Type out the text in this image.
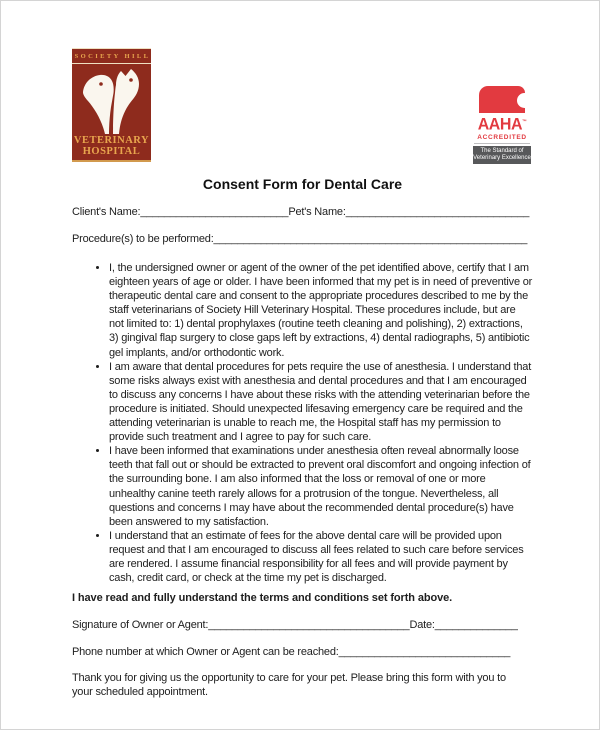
SOCIETY HILL
VETERINARY
HOSPITAL
AAHA™
ACCREDITED
The Standard of
Veterinary Excellence
Consent Form for Dental Care
Client's Name:_________________________Pet's Name:_______________________________
Procedure(s) to be performed:_____________________________________________________
• I, the undersigned owner or agent of the owner of the pet identified above, certify that I am eighteen years of age or older. I have been informed that my pet is in need of preventive or therapeutic dental care and consent to the appropriate procedures described to me by the staff veterinarians of Society Hill Veterinary Hospital. These procedures include, but are not limited to: 1) dental prophylaxes (routine teeth cleaning and polishing), 2) extractions, 3) gingival flap surgery to close gaps left by extractions, 4) dental radiographs, 5) antibiotic gel implants, and/or orthodontic work.
• I am aware that dental procedures for pets require the use of anesthesia. I understand that some risks always exist with anesthesia and dental procedures and that I am encouraged to discuss any concerns I have about these risks with the attending veterinarian before the procedure is initiated. Should unexpected lifesaving emergency care be required and the attending veterinarian is unable to reach me, the Hospital staff has my permission to provide such treatment and I agree to pay for such care.
• I have been informed that examinations under anesthesia often reveal abnormally loose teeth that fall out or should be extracted to prevent oral discomfort and ongoing infection of the surrounding bone. I am also informed that the loss or removal of one or more unhealthy canine teeth rarely allows for a protrusion of the tongue. Nevertheless, all questions and concerns I may have about the recommended dental procedure(s) have been answered to my satisfaction.
• I understand that an estimate of fees for the above dental care will be provided upon request and that I am encouraged to discuss all fees related to such care before services are rendered. I assume financial responsibility for all fees and will provide payment by cash, credit card, or check at the time my pet is discharged.
I have read and fully understand the terms and conditions set forth above.
Signature of Owner or Agent:__________________________________Date:______________
Phone number at which Owner or Agent can be reached:_____________________________
Thank you for giving us the opportunity to care for your pet. Please bring this form with you to
your scheduled appointment.
